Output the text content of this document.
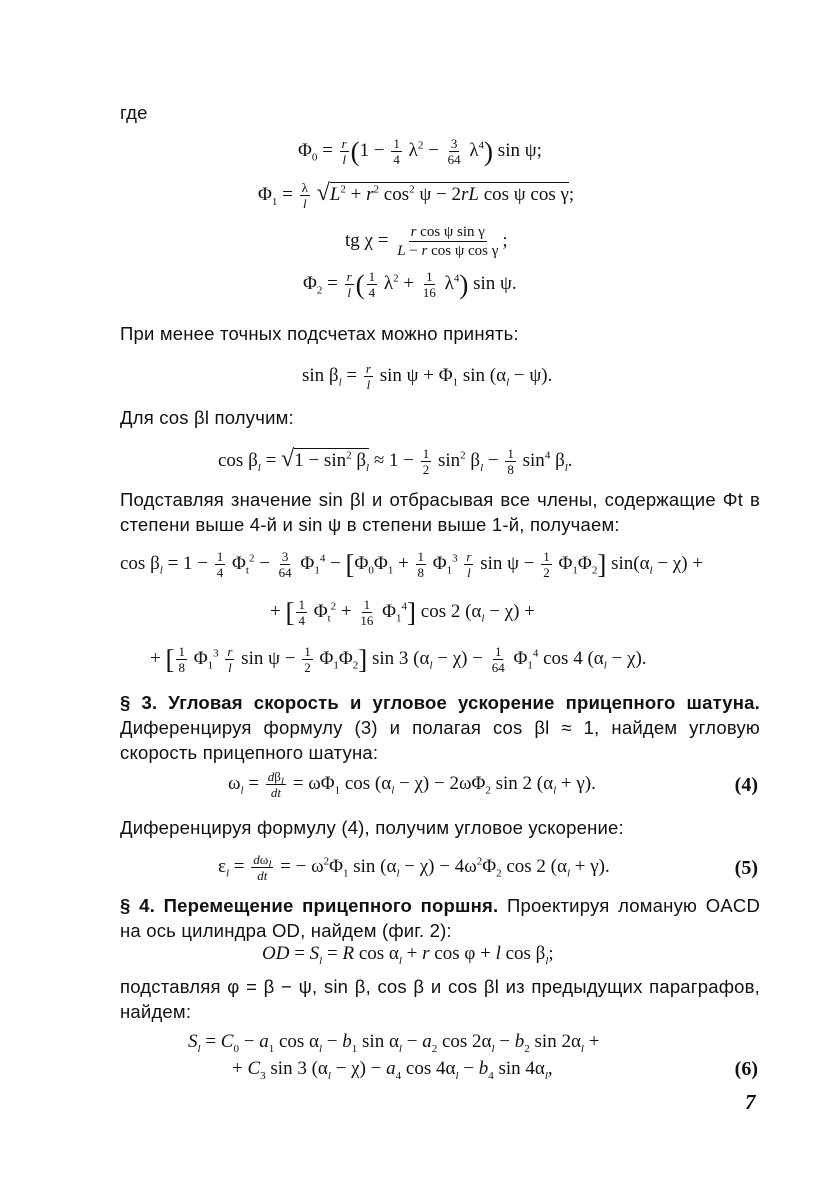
где
$\Phi_0 = \frac{r}{l} (1 - \frac{1}{4} \lambda^2 - \frac{3}{64} \lambda^4)$ sin ψ;
$\Phi_1 = \frac{\lambda}{l} √L^2 + r^2$ $\cos^2 \psi - 2rL$ cos ψ cos γ;
tg $\chi = \frac{\text{r cos ψ sin γ}}{\text{L − r cos ψ cos γ}}$ ;
$\Phi_2 = \frac{r}{l}$ ( $\frac{1}{4} \lambda^2 + \frac{1}{16} \lambda^4$) sin ψ.
При менее точных подсчетах можно принять:
$\sin \beta_l = \frac{r}{l}$ $\sin \psi + \Phi_1$ $\sin (\alpha_l - \psi)$.
Для cos βl получим:
$\cos \beta_l = √1 - \sin^2 \beta_l \approx 1 - \frac{1}{2} \sin^2 \beta_l - \frac{1}{8} \sin^4 \beta_l$.
Подставляя значение sin βl и отбрасывая все члены, содержащие Φt в степени выше 4-й и sin ψ в степени выше 1-й, получаем:
$\cos \beta_l = 1 - \frac{1}{4} \Phi_t^2 - \frac{3}{64} \Phi_1^4 - [\Phi_0\Phi_1 + \frac{1}{8} \Phi_1^3 \frac{r}{l}$ $\sin \psi - \frac{1}{2} \Phi_1\Phi_2$] $\sin(\alpha_l - \chi)$ +
+ [ $\frac{1}{4} \Phi_t^2 + \frac{1}{16} \Phi_1^4$] cos 2 $(\alpha_l - \chi)$ +
+ [ $\frac{1}{8} \Phi_1^3 \frac{r}{l}$ $\sin \psi - \frac{1}{2} \Phi_1\Phi_2$] sin 3 $(\alpha_l - \chi) - \frac{1}{64} \Phi_1^4$ cos 4 $(\alpha_l - \chi)$.
§ 3. Угловая скорость и угловое ускорение прицепного шатуна. Диференцируя формулу (3) и полагая cos βl ≈ 1, найдем угловую скорость прицепного шатуна:
$\omega_l = d\beta_l$
dt = $\omega\Phi_1$ $\cos (\alpha_l - \chi) - 2\omega\Phi_2$ sin 2 $(\alpha_l + \gamma)$.	(4)
Диференцируя формулу (4), получим угловое ускорение:
$\varepsilon_l = d\omega_l$
dt = − $\omega^2\Phi_1$ $\sin (\alpha_l - \chi) - 4\omega^2\Phi_2$ cos 2 $(\alpha_l + \gamma)$.	(5)
§ 4. Перемещение прицепного поршня. Проектируя ломаную OACD на ось цилиндра OD, найдем (фиг. 2):
OD = $S_l = R$ $\cos \alpha_l + r$ cos φ + l $\cos \beta_l$;
подставляя φ = β − ψ, sin β, cos β и cos βl из предыдущих параграфов, найдем:
$S_l = C_0 - a_1$ $\cos \alpha_l - b_1$ $\sin \alpha_l - a_2$ $\cos 2\alpha_l - b_2$ $\sin 2\alpha_l$ +
+ $C_3$ sin 3 $(\alpha_l - \chi) - a_4$ $\cos 4\alpha_l - b_4$ $\sin 4\alpha_l$,	(6)
7
